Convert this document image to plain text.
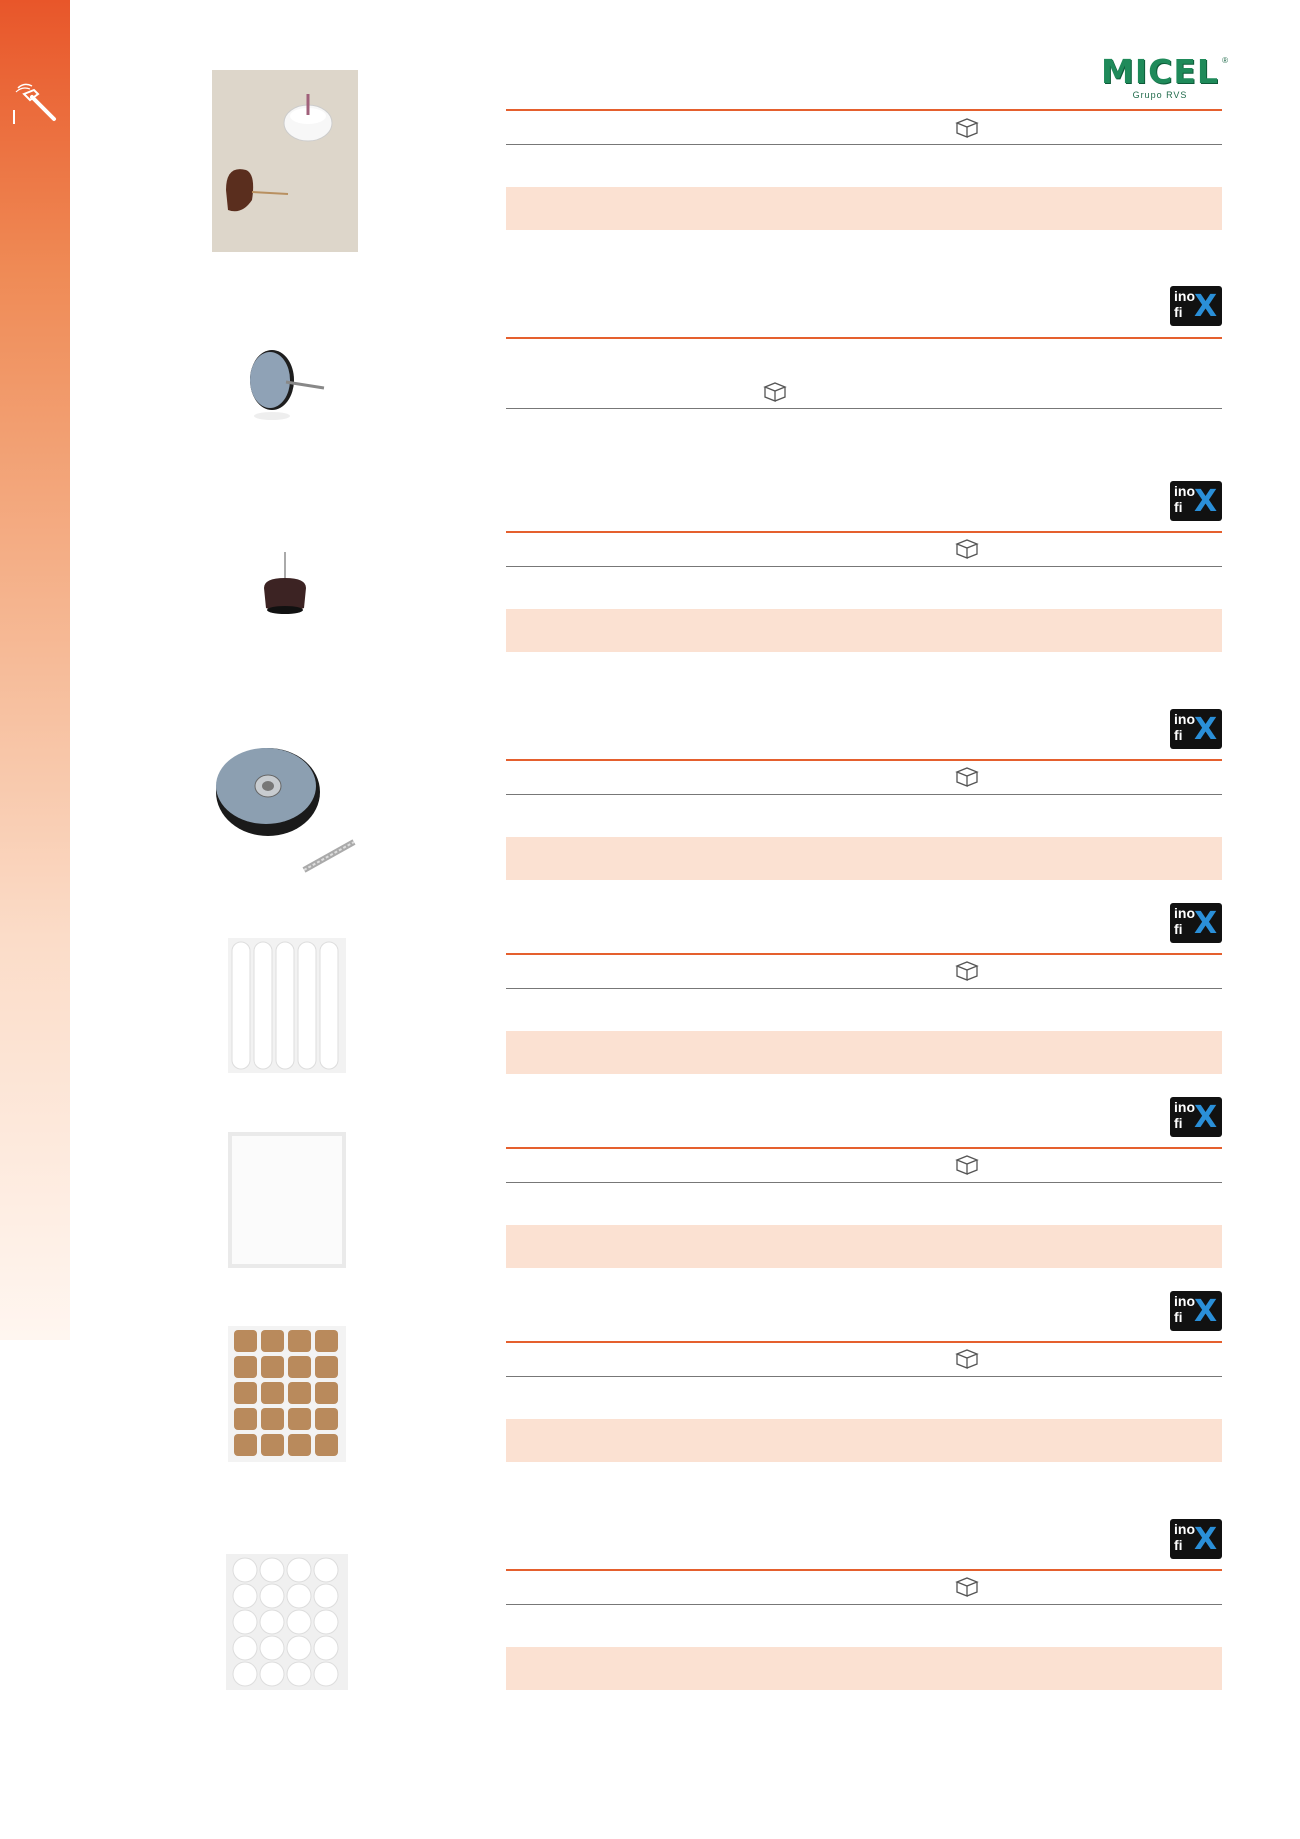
MICEL ®
Grupo RVS
ino
fi X
ino
fi X
ino
fi X
ino
fi X
ino
fi X
ino
fi X
ino
fi X
